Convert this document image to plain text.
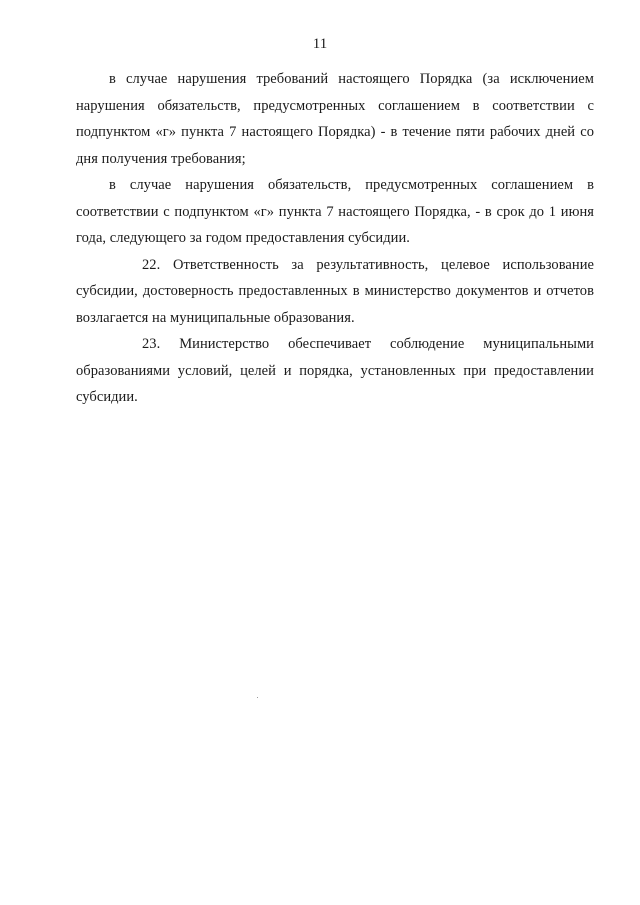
11

в случае нарушения требований настоящего Порядка (за исключением нарушения обязательств, предусмотренных соглашением в соответствии с подпунктом «г» пункта 7 настоящего Порядка) - в течение пяти рабочих дней со дня получения требования;

в случае нарушения обязательств, предусмотренных соглашением в соответствии с подпунктом «г» пункта 7 настоящего Порядка, - в срок до 1 июня года, следующего за годом предоставления субсидии.

22. Ответственность за результативность, целевое использование субсидии, достоверность предоставленных в министерство документов и отчетов возлагается на муниципальные образования.

23. Министерство обеспечивает соблюдение муниципальными образованиями условий, целей и порядка, установленных при предоставлении субсидии.
